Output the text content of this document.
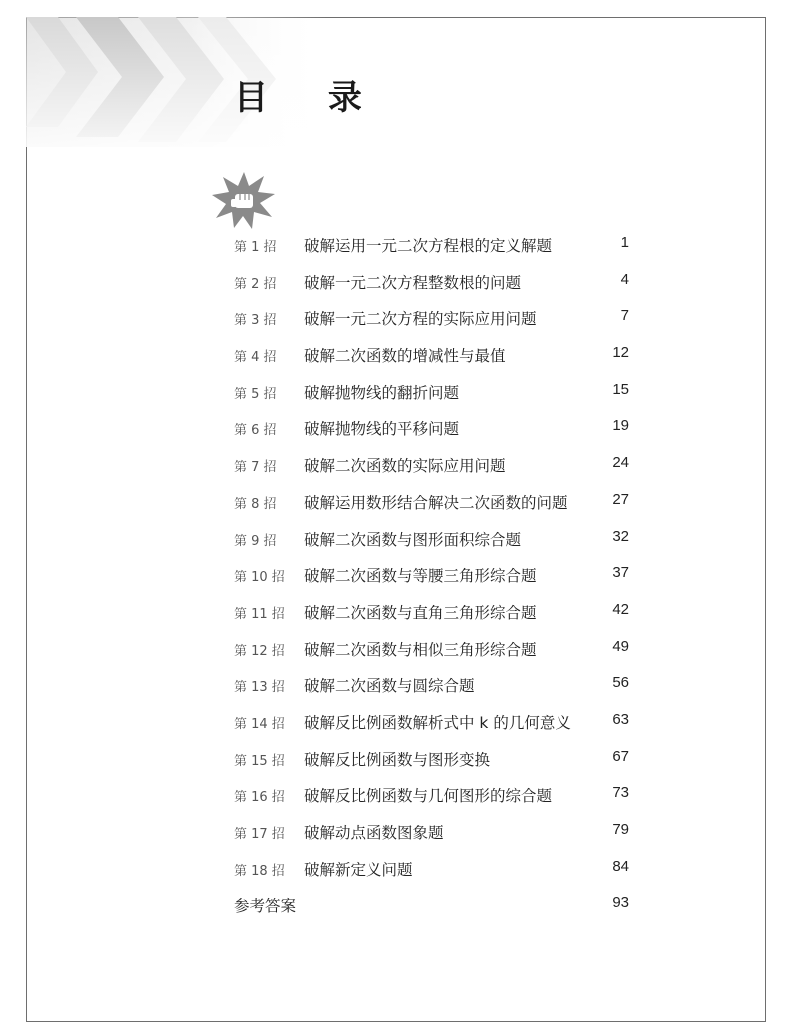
目 录
第 1 招 破解运用一元二次方程根的定义解题	1
第 2 招 破解一元二次方程整数根的问题	4
第 3 招 破解一元二次方程的实际应用问题	7
第 4 招 破解二次函数的增减性与最值	12
第 5 招 破解抛物线的翻折问题	15
第 6 招 破解抛物线的平移问题	19
第 7 招 破解二次函数的实际应用问题	24
第 8 招 破解运用数形结合解决二次函数的问题	27
第 9 招 破解二次函数与图形面积综合题	32
第 10 招 破解二次函数与等腰三角形综合题	37
第 11 招 破解二次函数与直角三角形综合题	42
第 12 招 破解二次函数与相似三角形综合题	49
第 13 招 破解二次函数与圆综合题	56
第 14 招 破解反比例函数解析式中 k 的几何意义	63
第 15 招 破解反比例函数与图形变换	67
第 16 招 破解反比例函数与几何图形的综合题	73
第 17 招 破解动点函数图象题	79
第 18 招 破解新定义问题	84
参考答案	93
